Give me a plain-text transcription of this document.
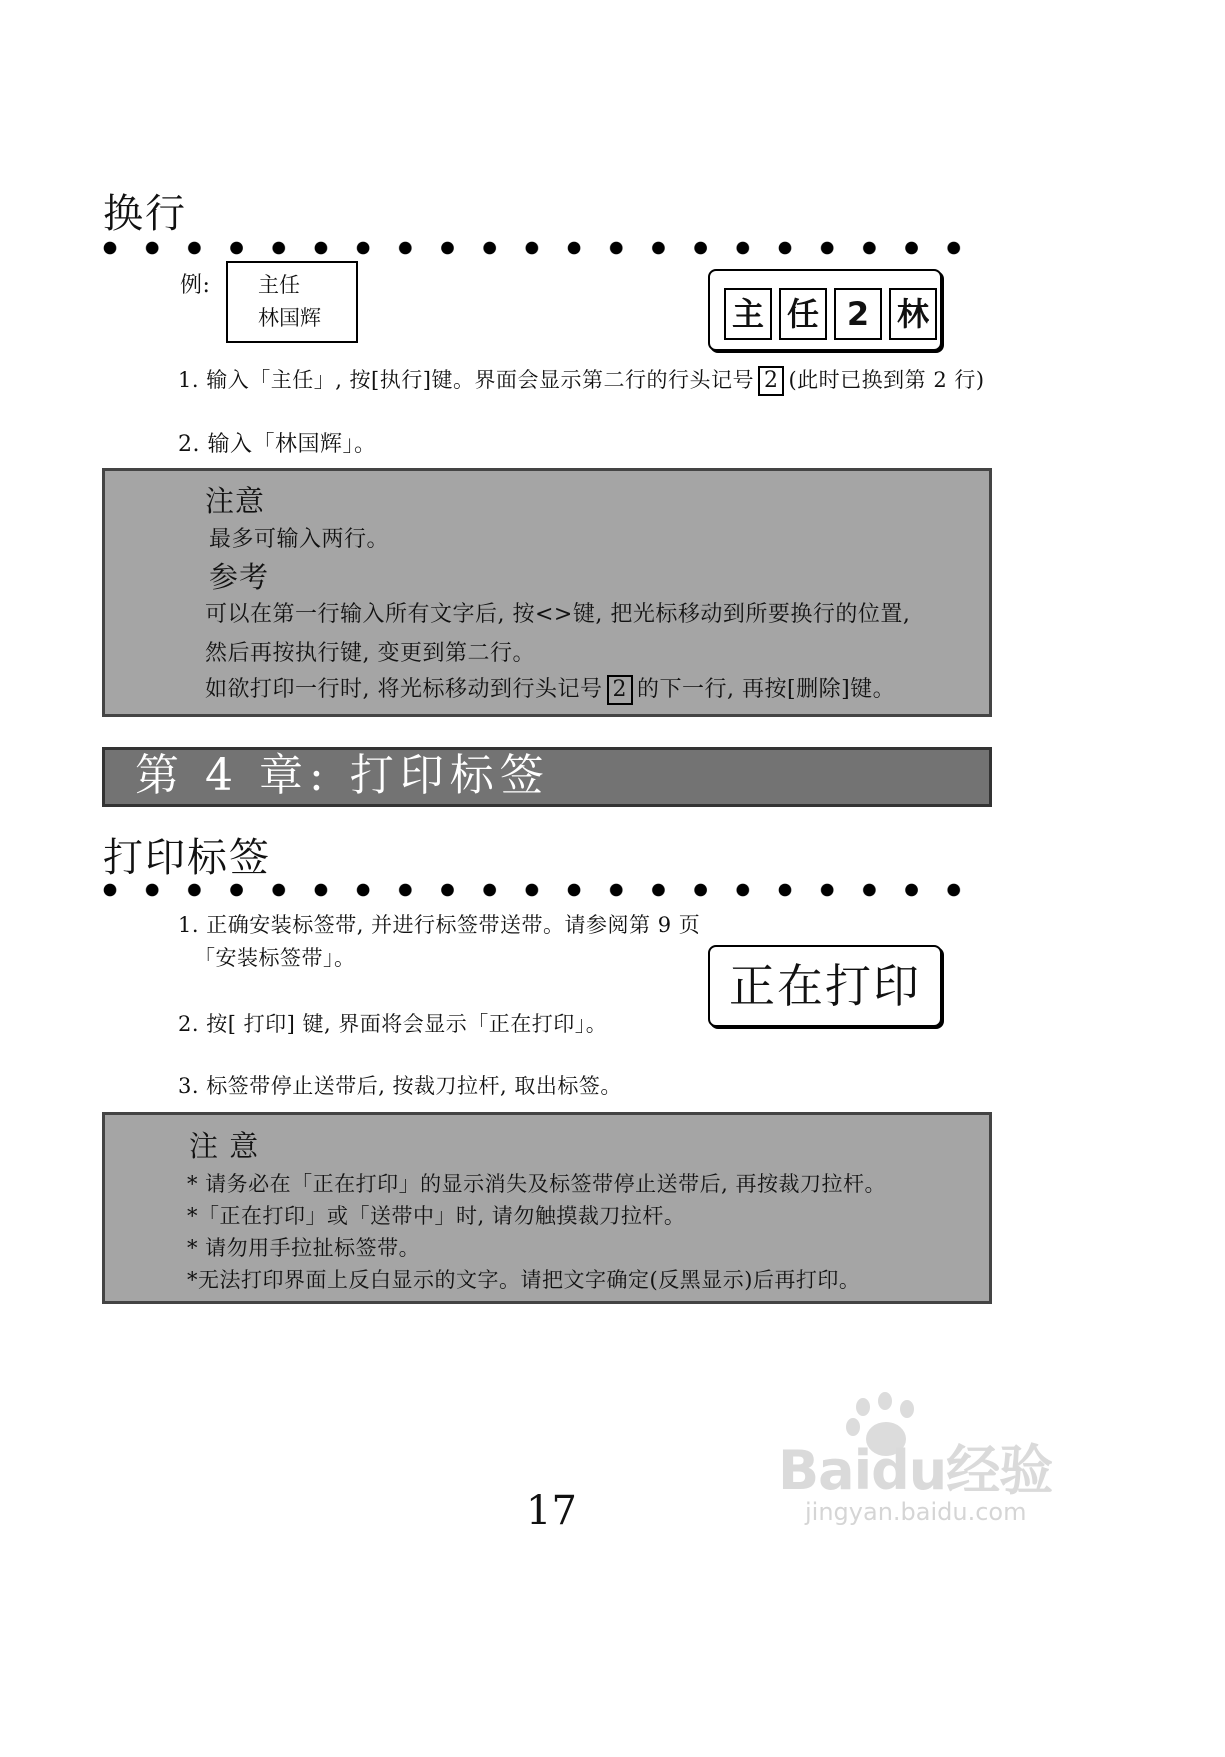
换行
例: 主任
林国辉	主 任 2 林
1. 输入「主任」, 按[执行]键。界面会显示第二行的行头记号 2 (此时已换到第 2 行)
2. 输入「林国辉」。
注意
最多可输入两行。
参考
可以在第一行输入所有文字后, 按<>键, 把光标移动到所要换行的位置,
然后再按执行键, 变更到第二行。
如欲打印一行时, 将光标移动到行头记号 2 的下一行, 再按[删除]键。
第 4 章: 打印标签
打印标签
1. 正确安装标签带, 并进行标签带送带。请参阅第 9 页
「安装标签带」。
2. 按[ 打印] 键, 界面将会显示「正在打印」。
3. 标签带停止送带后, 按裁刀拉杆, 取出标签。
正在打印
注 意
* 请务必在「正在打印」的显示消失及标签带停止送带后, 再按裁刀拉杆。
*「正在打印」或「送带中」时, 请勿触摸裁刀拉杆。
* 请勿用手拉扯标签带。
*无法打印界面上反白显示的文字。请把文字确定(反黑显示)后再打印。
Baidu经验
jingyan.baidu.com
17
